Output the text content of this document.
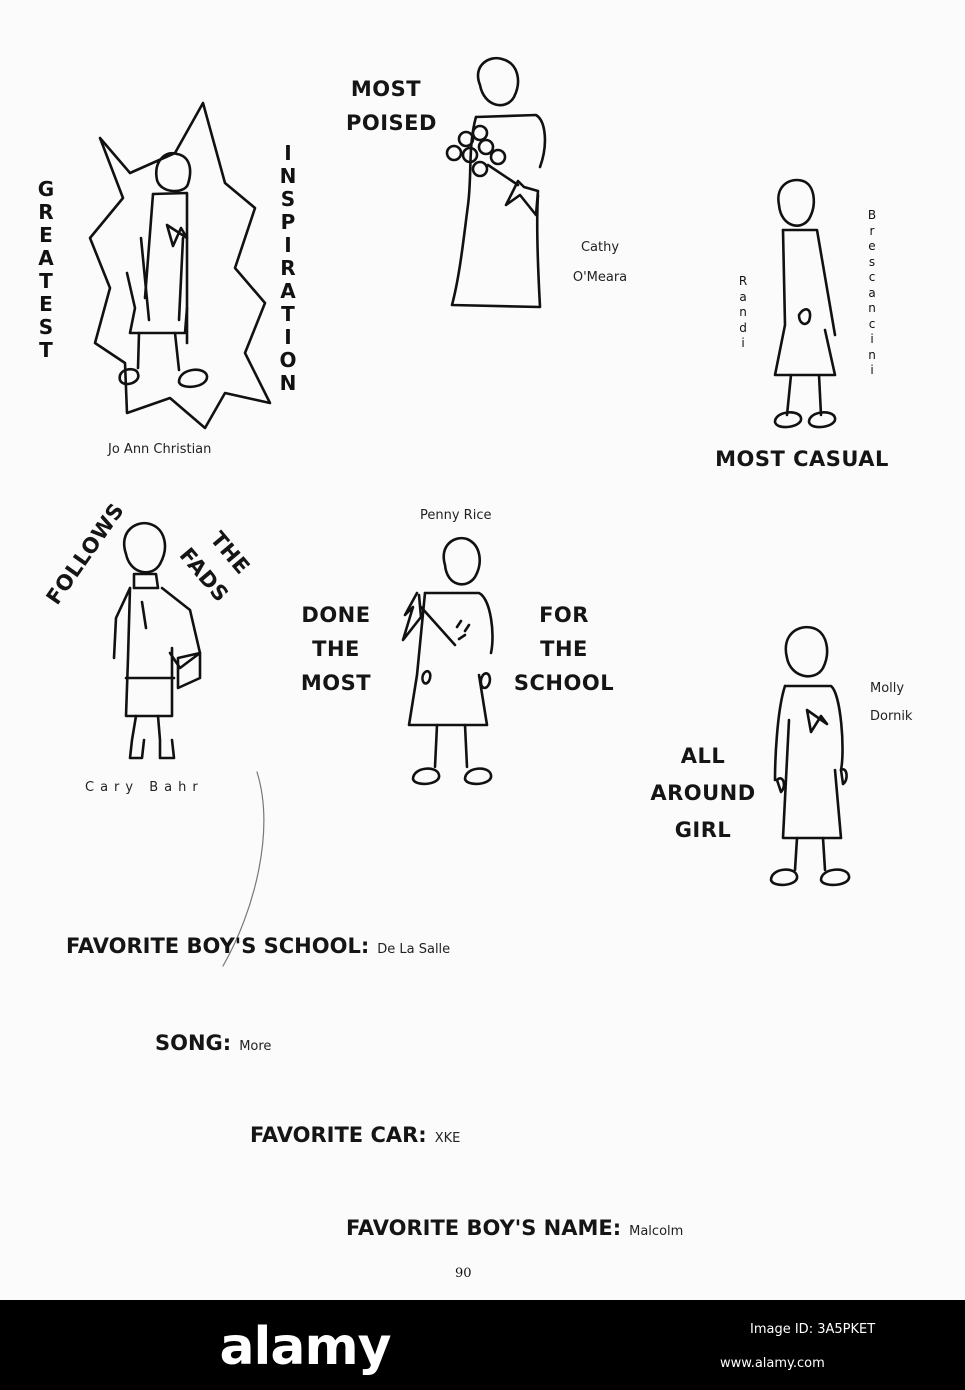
G
R
E
A
T
E
S
T
I
N
S
P
I
R
A
T
I
O
N
Jo Ann Christian
MOST
POISED
Cathy
O'Meara	R
a
n
d
i
B
r
e
s
c
a
n
c
i
n
i
MOST CASUAL
FOLLOWS	THE FADS
Cary Bahr
Penny Rice
DONE
THE
MOST
FOR
THE
SCHOOL
ALL
AROUND
GIRL
Molly
Dornik
FAVORITE BOY'S SCHOOL: De La Salle
SONG: More
FAVORITE CAR: XKE
FAVORITE BOY'S NAME: Malcolm
90
alamy	Image ID: 3A5PKET
www.alamy.com
